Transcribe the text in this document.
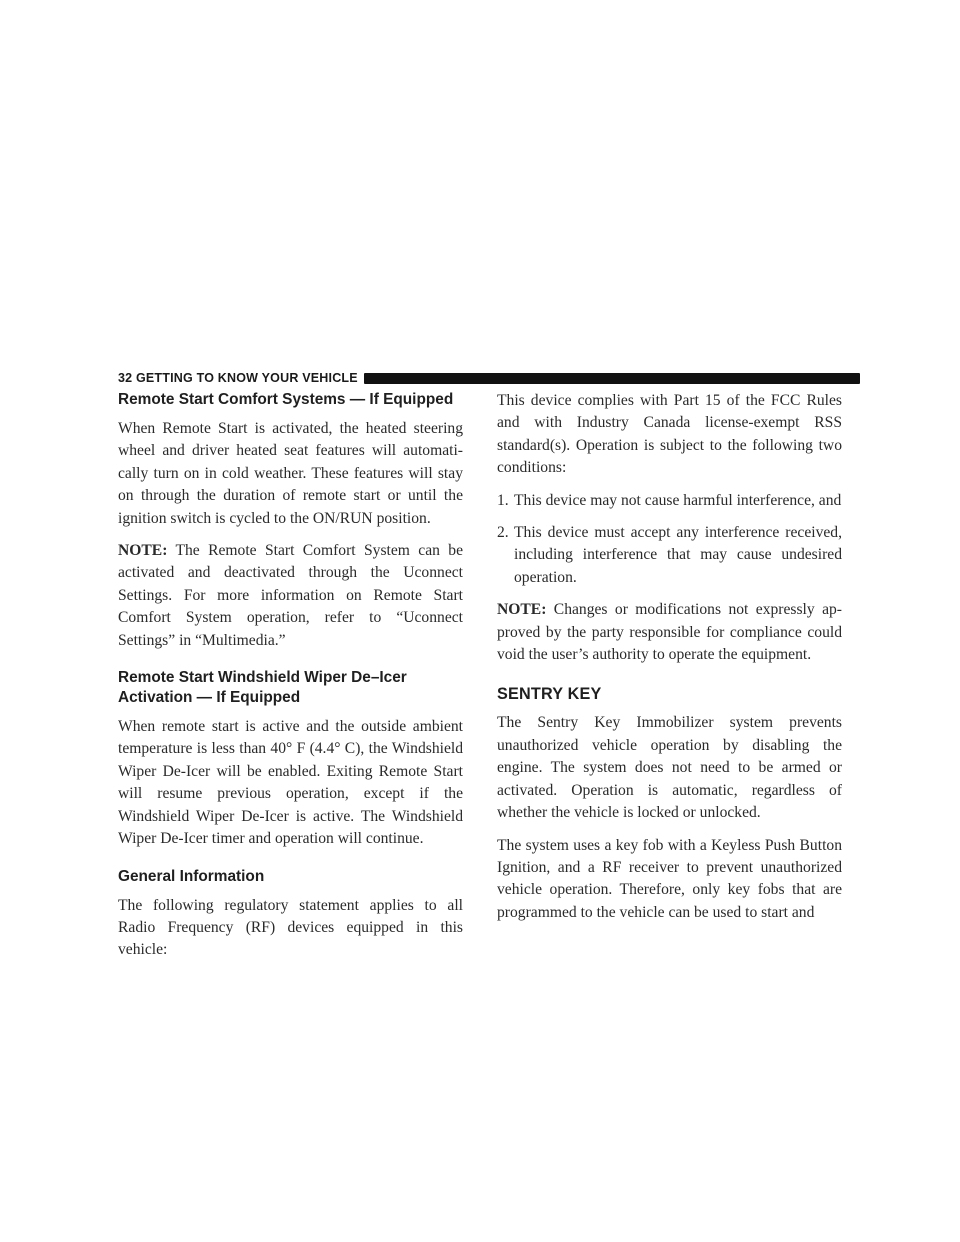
32 GETTING TO KNOW YOUR VEHICLE
Remote Start Comfort Systems — If Equipped

When Remote Start is activated, the heated steering wheel and driver heated seat features will automatically turn on in cold weather. These features will stay on through the duration of remote start or until the ignition switch is cycled to the ON/RUN position.

NOTE: The Remote Start Comfort System can be activated and deactivated through the Uconnect Settings. For more information on Remote Start Comfort System operation, refer to “Uconnect Settings” in “Multimedia.”

Remote Start Windshield Wiper De–Icer
Activation — If Equipped

When remote start is active and the outside ambient temperature is less than 40° F (4.4° C), the Windshield Wiper De-Icer will be enabled. Exiting Remote Start will resume previous operation, except if the Windshield Wiper De-Icer is active. The Windshield Wiper De-Icer timer and operation will continue.

General Information

The following regulatory statement applies to all Radio Frequency (RF) devices equipped in this vehicle:

This device complies with Part 15 of the FCC Rules and with Industry Canada license-exempt RSS standard(s). Operation is subject to the following two conditions:

1. This device may not cause harmful interference, and
2. This device must accept any interference received, including interference that may cause undesired operation.

NOTE: Changes or modifications not expressly approved by the party responsible for compliance could void the user’s authority to operate the equipment.

SENTRY KEY

The Sentry Key Immobilizer system prevents unauthorized vehicle operation by disabling the engine. The system does not need to be armed or activated. Operation is automatic, regardless of whether the vehicle is locked or unlocked.

The system uses a key fob with a Keyless Push Button Ignition, and a RF receiver to prevent unauthorized vehicle operation. Therefore, only key fobs that are programmed to the vehicle can be used to start and
